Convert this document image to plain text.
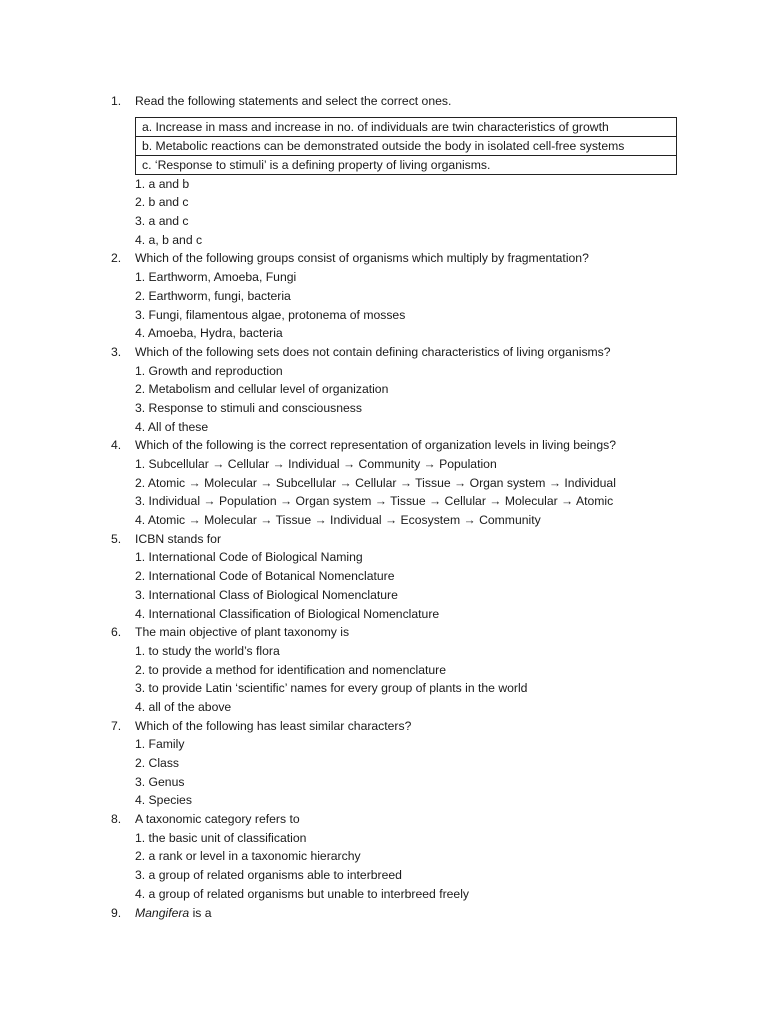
1.	Read the following statements and select the correct ones.
a. Increase in mass and increase in no. of individuals are twin characteristics of growth
b. Metabolic reactions can be demonstrated outside the body in isolated cell-free systems
c. ‘Response to stimuli’ is a defining property of living organisms.
1. a and b
2. b and c
3. a and c
4. a, b and c
2.	Which of the following groups consist of organisms which multiply by fragmentation?
1. Earthworm, Amoeba, Fungi
2. Earthworm, fungi, bacteria
3. Fungi, filamentous algae, protonema of mosses
4. Amoeba, Hydra, bacteria
3.	Which of the following sets does not contain defining characteristics of living organisms?
1. Growth and reproduction
2. Metabolism and cellular level of organization
3. Response to stimuli and consciousness
4. All of these
4.	Which of the following is the correct representation of organization levels in living beings?
1. Subcellular → Cellular → Individual → Community → Population
2. Atomic → Molecular → Subcellular → Cellular → Tissue → Organ system → Individual
3. Individual → Population → Organ system → Tissue → Cellular → Molecular → Atomic
4. Atomic → Molecular → Tissue → Individual → Ecosystem → Community
5.	ICBN stands for
1. International Code of Biological Naming
2. International Code of Botanical Nomenclature
3. International Class of Biological Nomenclature
4. International Classification of Biological Nomenclature
6.	The main objective of plant taxonomy is
1. to study the world’s flora
2. to provide a method for identification and nomenclature
3. to provide Latin ‘scientific’ names for every group of plants in the world
4. all of the above
7.	Which of the following has least similar characters?
1. Family
2. Class
3. Genus
4. Species
8.	A taxonomic category refers to
1. the basic unit of classification
2. a rank or level in a taxonomic hierarchy
3. a group of related organisms able to interbreed
4. a group of related organisms but unable to interbreed freely
9.	Mangifera is a
